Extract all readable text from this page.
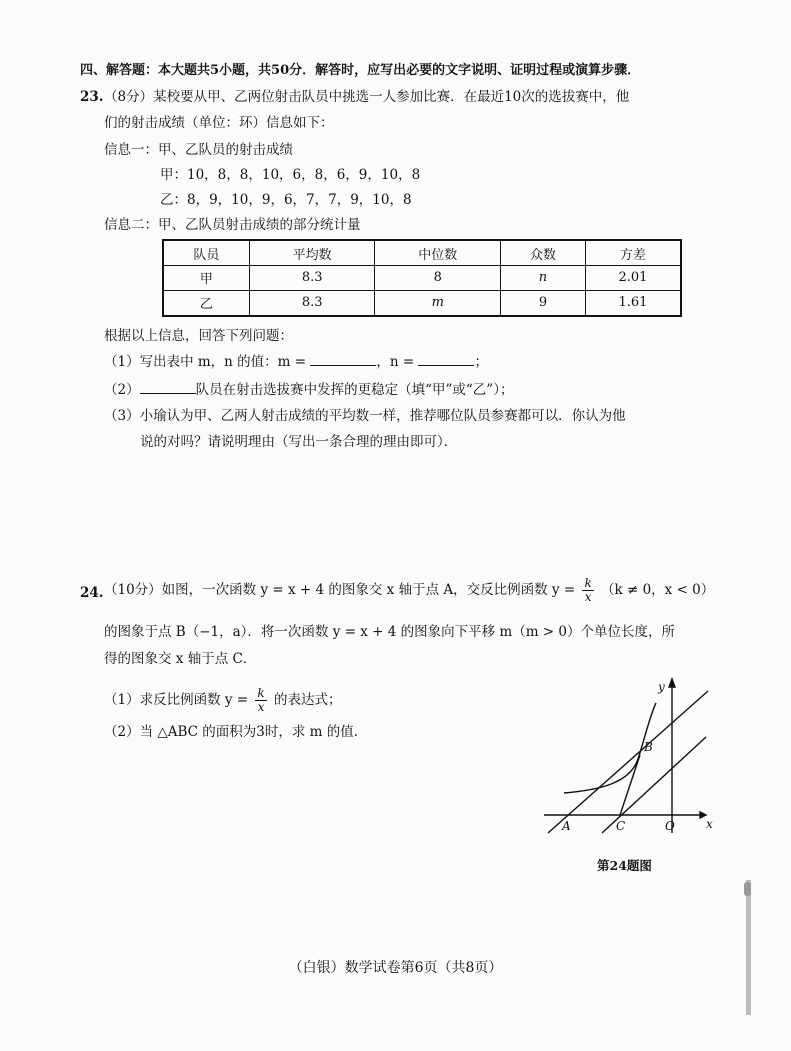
四、解答题：本大题共5小题，共50分．解答时，应写出必要的文字说明、证明过程或演算步骤．
23. （8分）某校要从甲、乙两位射击队员中挑选一人参加比赛．在最近10次的选拔赛中，他
们的射击成绩（单位：环）信息如下：
信息一：甲、乙队员的射击成绩
甲：10，8，8，10，6，8，6，9，10，8
乙：8，9，10，9，6，7，7，9，10，8
信息二：甲、乙队员射击成绩的部分统计量
队员	平均数	中位数	众数	方差
甲	8.3	8	n	2.01
乙	8.3	m	9	1.61
根据以上信息，回答下列问题：
（1）写出表中 m，n 的值：m =	，n =	；
（2）	队员在射击选拔赛中发挥的更稳定（填“甲”或“乙”）；
（3）小瑜认为甲、乙两人射击成绩的平均数一样，推荐哪位队员参赛都可以．你认为他
说的对吗？请说明理由（写出一条合理的理由即可）．
24. （10分）如图，一次函数 y = x + 4 的图象交 x 轴于点 A，交反比例函数 $y = \frac{k}{x} (k \ne 0$，x < 0）
的图象于点 B（−1，a）．将一次函数 y = x + 4 的图象向下平移 m（m > 0）个单位长度，所
得的图象交 x 轴于点 C．
（1）求反比例函数 $y = \frac{k}{x}$ 的表达式；
（2）当 △ABC 的面积为3时，求 m 的值．
y
x
A
B
C	O
第24题图
（白银）数学试卷第6页（共8页）
